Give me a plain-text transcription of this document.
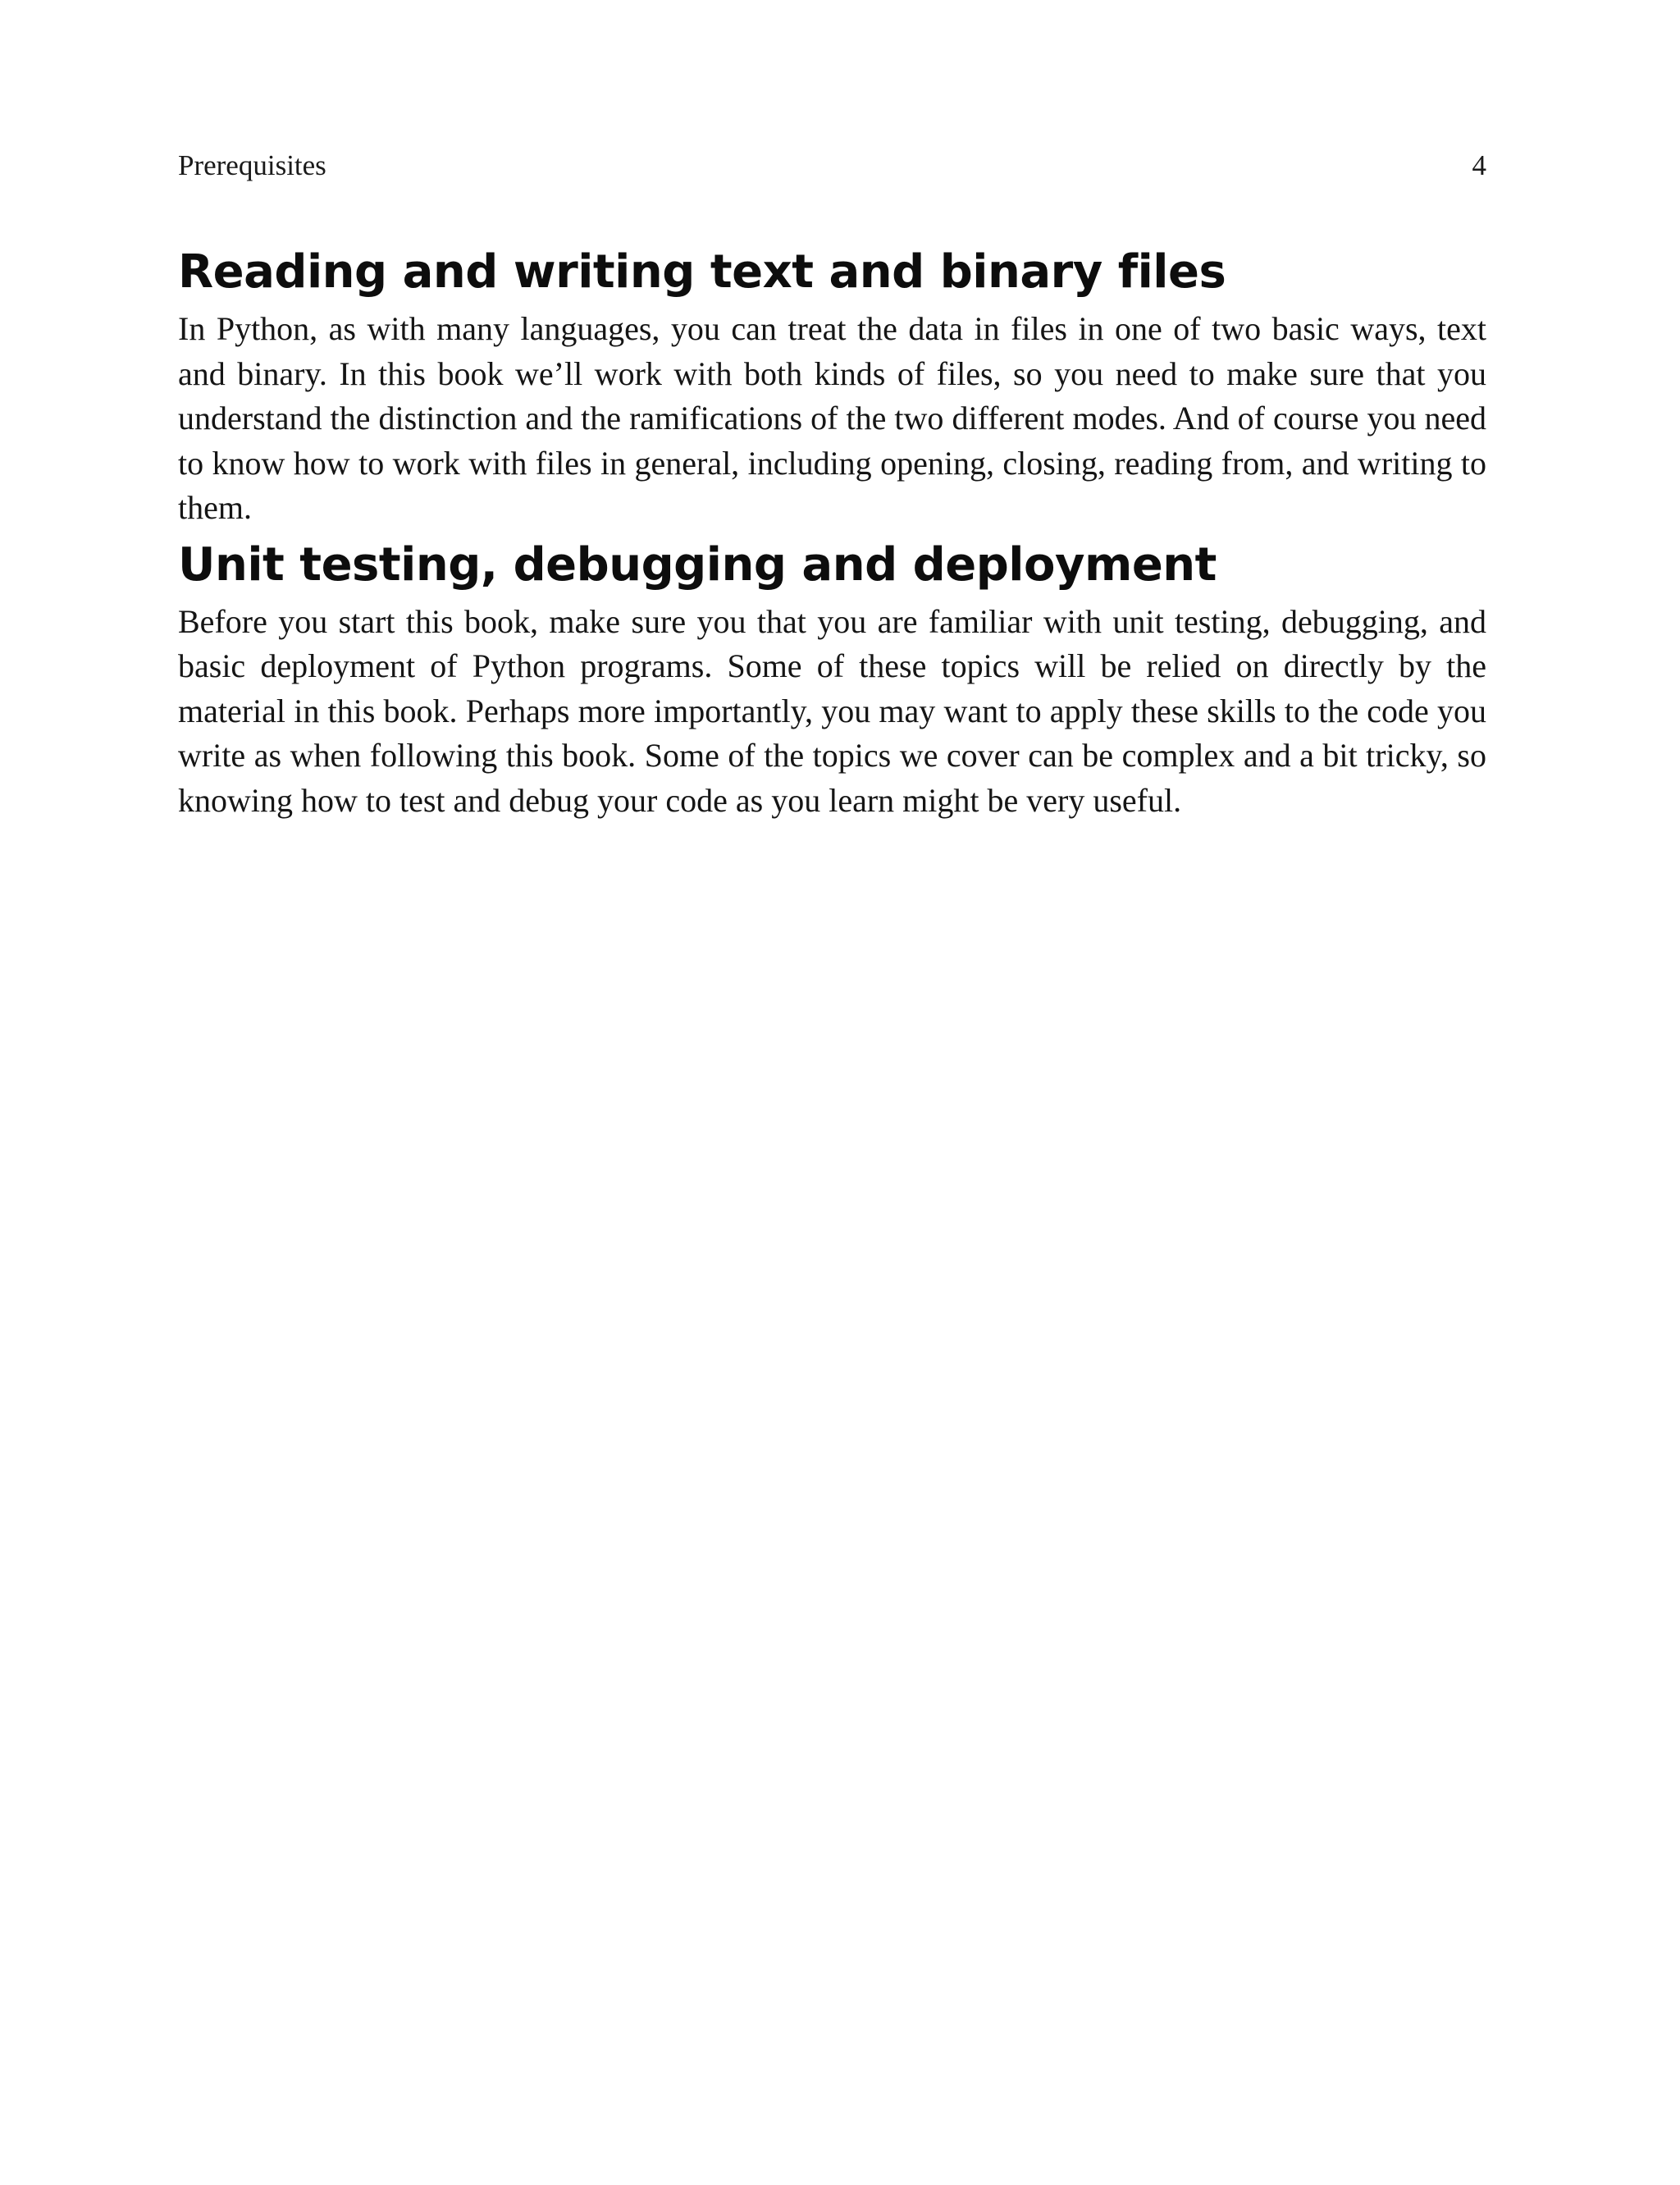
Prerequisites	4
Reading and writing text and binary files

In Python, as with many languages, you can treat the data in files in one of two basic ways, text and binary. In this book we’ll work with both kinds of files, so you need to make sure that you understand the distinction and the ramifications of the two different modes. And of course you need to know how to work with files in general, including opening, closing, reading from, and writing to them.

Unit testing, debugging and deployment

Before you start this book, make sure you that you are familiar with unit testing, debugging, and basic deployment of Python programs. Some of these topics will be relied on directly by the material in this book. Perhaps more importantly, you may want to apply these skills to the code you write as when following this book. Some of the topics we cover can be complex and a bit tricky, so knowing how to test and debug your code as you learn might be very useful.
